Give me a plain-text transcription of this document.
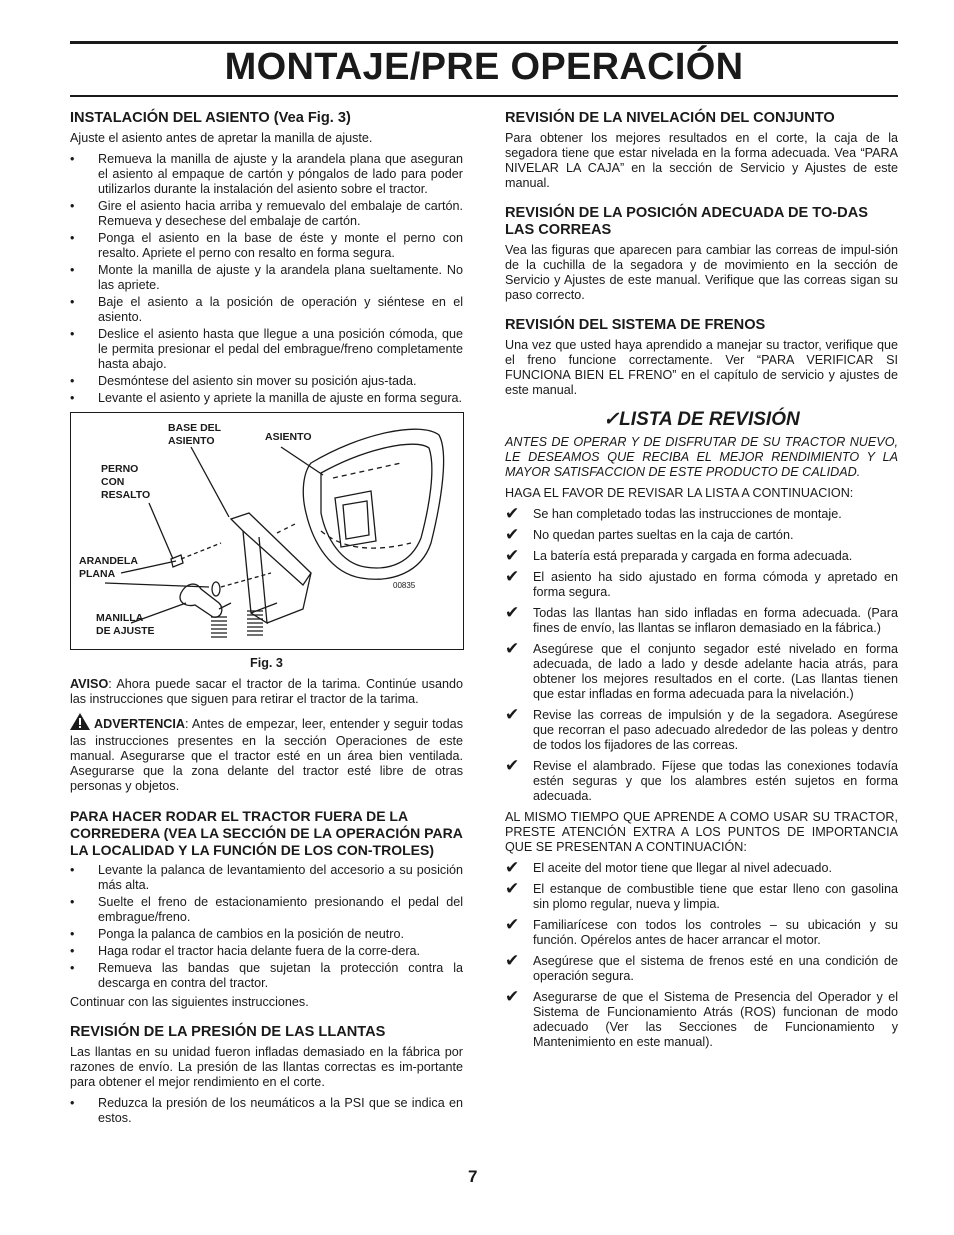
MONTAJE/PRE OPERACIÓN
INSTALACIÓN DEL ASIENTO (Vea Fig. 3)

Ajuste el asiento antes de apretar la manilla de ajuste.

• Remueva la manilla de ajuste y la arandela plana que aseguran el asiento al empaque de cartón y póngalos de lado para poder utilizarlos durante la instalación del asiento sobre el tractor.
• Gire el asiento hacia arriba y remuevalo del embalaje de cartón. Remueva y desechese del embalaje de cartón.
• Ponga el asiento en la base de éste y monte el perno con resalto. Apriete el perno con resalto en forma segura.
• Monte la manilla de ajuste y la arandela plana sueltamente. No las apriete.
• Baje el asiento a la posición de operación y siéntese en el asiento.
• Deslice el asiento hasta que llegue a una posición cómoda, que le permita presionar el pedal del embrague/freno completamente hasta abajo.
• Desmóntese del asiento sin mover su posición ajus-tada.
• Levante el asiento y apriete la manilla de ajuste en forma segura.
BASE DEL
ASIENTO	ASIENTO
PERNO
CON
RESALTO
ARANDELA
PLANA
MANILLA
DE AJUSTE
00835
Fig. 3

AVISO: Ahora puede sacar el tractor de la tarima. Continúe usando las instrucciones que siguen para retirar el tractor de la tarima.

ADVERTENCIA: Antes de empezar, leer, entender y seguir todas las instrucciones presentes en la sección Operaciones de este manual. Asegurarse que el tractor esté en un área bien ventilada. Asegurarse que la zona delante del tractor esté libre de otras personas y objetos.

PARA HACER RODAR EL TRACTOR FUERA DE LA CORREDERA (VEA LA SECCIÓN DE LA OPERACIÓN PARA LA LOCALIDAD Y LA FUNCIÓN DE LOS CON-TROLES)
• Levante la palanca de levantamiento del accesorio a su posición más alta.
• Suelte el freno de estacionamiento presionando el pedal del embrague/freno.
• Ponga la palanca de cambios en la posición de neutro.
• Haga rodar el tractor hacia delante fuera de la corre-dera.
• Remueva las bandas que sujetan la protección contra la descarga en contra del tractor.

Continuar con las siguientes instrucciones.

REVISIÓN DE LA PRESIÓN DE LAS LLANTAS

Las llantas en su unidad fueron infladas demasiado en la fábrica por razones de envío. La presión de las llantas correctas es im-portante para obtener el mejor rendimiento en el corte.

• Reduzca la presión de los neumáticos a la PSI que se indica en estos.
REVISIÓN DE LA NIVELACIÓN DEL CONJUNTO

Para obtener los mejores resultados en el corte, la caja de la segadora tiene que estar nivelada en la forma adecuada. Vea “PARA NIVELAR LA CAJA” en la sección de Servicio y Ajustes de este manual.

REVISIÓN DE LA POSICIÓN ADECUADA DE TO-DAS LAS CORREAS

Vea las figuras que aparecen para cambiar las correas de impul-sión de la cuchilla de la segadora y de movimiento en la sección de Servicio y Ajustes de este manual. Verifique que las correas sigan su paso correcto.

REVISIÓN DEL SISTEMA DE FRENOS

Una vez que usted haya aprendido a manejar su tractor, verifique que el freno funcione correctamente. Ver “PARA VERIFICAR SI FUNCIONA BIEN EL FRENO” en el capítulo de servicio y ajustes de este manual.

✓LISTA DE REVISIÓN

ANTES DE OPERAR Y DE DISFRUTAR DE SU TRACTOR NUEVO, LE DESEAMOS QUE RECIBA EL MEJOR RENDIMIENTO Y LA MAYOR SATISFACCION DE ESTE PRODUCTO DE CALIDAD.

HAGA EL FAVOR DE REVISAR LA LISTA A CONTINUACION:

✔ Se han completado todas las instrucciones de montaje.
✔ No quedan partes sueltas en la caja de cartón.
✔ La batería está preparada y cargada en forma adecuada.
✔ El asiento ha sido ajustado en forma cómoda y apretado en forma segura.
✔ Todas las llantas han sido infladas en forma adecuada. (Para fines de envío, las llantas se inflaron demasiado en la fábrica.)
✔ Asegúrese que el conjunto segador esté nivelado en forma adecuada, de lado a lado y desde adelante hacia atrás, para obtener los mejores resultados en el corte. (Las llantas tienen que estar infladas en forma adecuada para la nivelación.)
✔ Revise las correas de impulsión y de la segadora. Asegúrese que recorran el paso adecuado alrededor de las poleas y dentro de todos los fijadores de las correas.
✔ Revise el alambrado. Fíjese que todas las conexiones todavía estén seguras y que los alambres estén sujetos en forma adecuada.

AL MISMO TIEMPO QUE APRENDE A COMO USAR SU TRACTOR, PRESTE ATENCIÓN EXTRA A LOS PUNTOS DE IMPORTANCIA QUE SE PRESENTAN A CONTINUACIÓN:

✔ El aceite del motor tiene que llegar al nivel adecuado.
✔ El estanque de combustible tiene que estar lleno con gasolina sin plomo regular, nueva y limpia.
✔ Familiarícese con todos los controles – su ubicación y su función. Opérelos antes de hacer arrancar el motor.
✔ Asegúrese que el sistema de frenos esté en una condición de operación segura.
✔ Asegurarse de que el Sistema de Presencia del Operador y el Sistema de Funcionamiento Atrás (ROS) funcionan de modo adecuado (Ver las Secciones de Funcionamiento y Mantenimiento en este manual).
7
